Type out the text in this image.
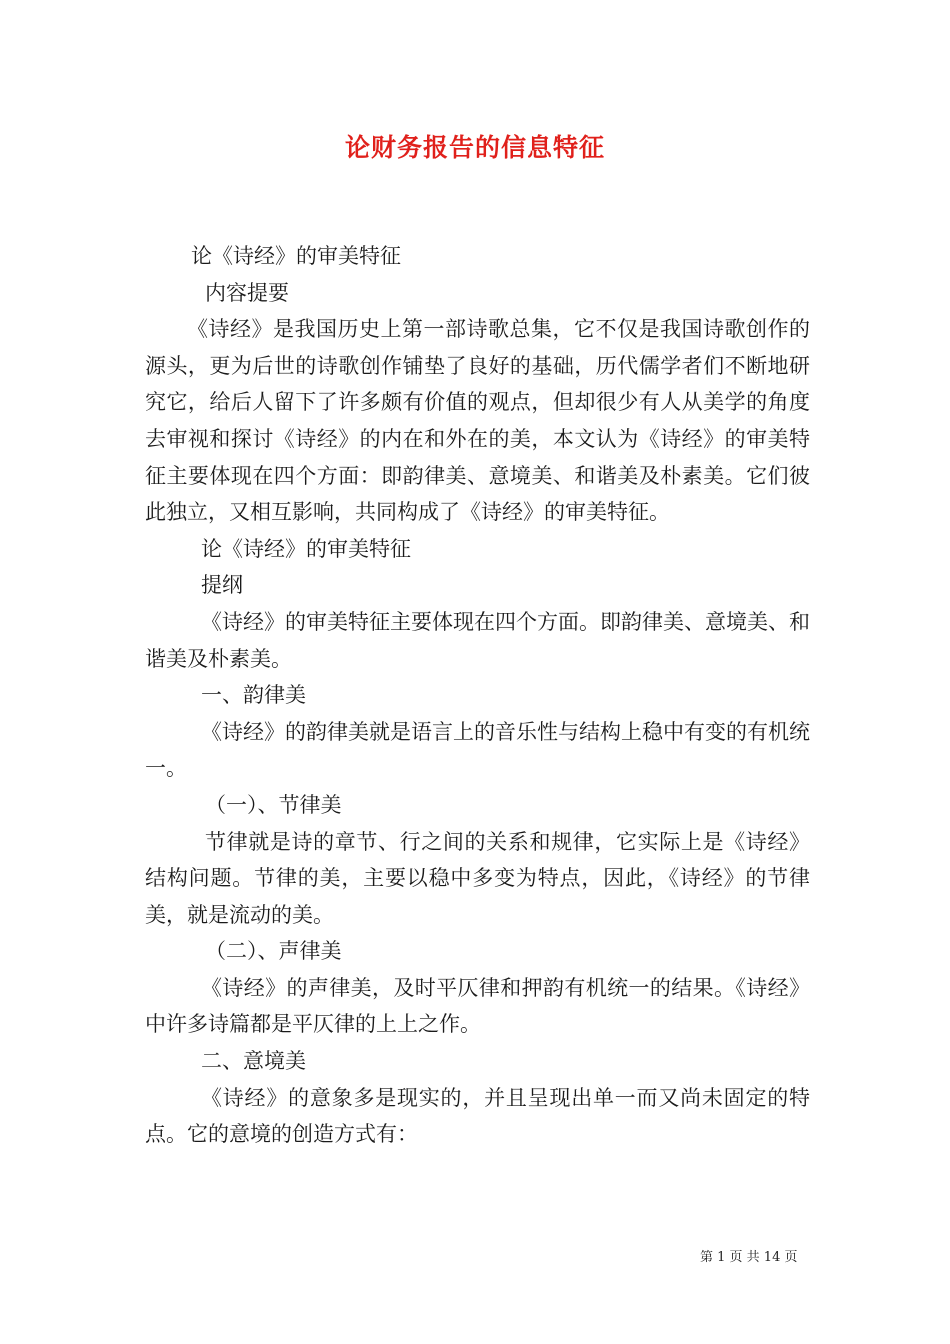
论财务报告的信息特征

论《诗经》的审美特征

内容提要

《诗经》是我国历史上第一部诗歌总集，它不仅是我国诗歌创作的源头，更为后世的诗歌创作铺垫了良好的基础，历代儒学者们不断地研究它，给后人留下了许多颇有价值的观点，但却很少有人从美学的角度去审视和探讨《诗经》的内在和外在的美，本文认为《诗经》的审美特征主要体现在四个方面：即韵律美、意境美、和谐美及朴素美。它们彼此独立，又相互影响，共同构成了《诗经》的审美特征。

论《诗经》的审美特征

提纲

《诗经》的审美特征主要体现在四个方面。即韵律美、意境美、和谐美及朴素美。

一、韵律美

《诗经》的韵律美就是语言上的音乐性与结构上稳中有变的有机统一。

（一）、节律美

节律就是诗的章节、行之间的关系和规律，它实际上是《诗经》结构问题。节律的美，主要以稳中多变为特点，因此，《诗经》的节律美，就是流动的美。

（二）、声律美

《诗经》的声律美，及时平仄律和押韵有机统一的结果。《诗经》中许多诗篇都是平仄律的上上之作。

二、意境美

《诗经》的意象多是现实的，并且呈现出单一而又尚未固定的特点。它的意境的创造方式有：

第 1 页 共 14 页
